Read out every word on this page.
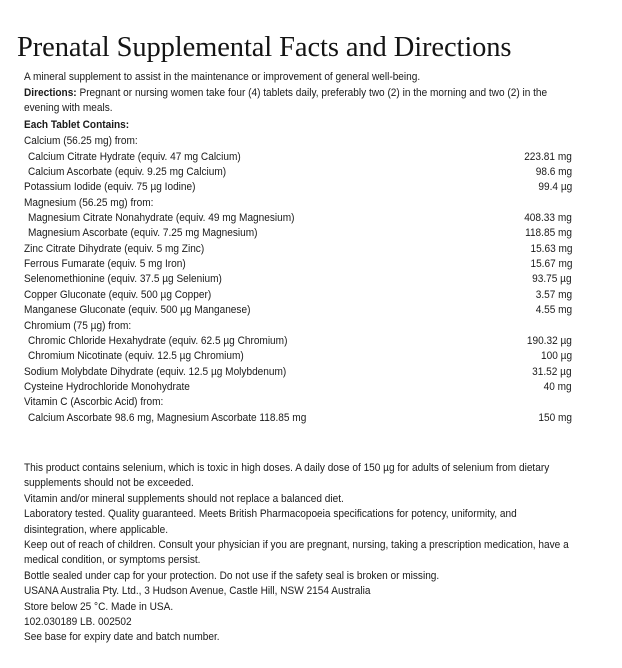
Prenatal Supplemental Facts and Directions

A mineral supplement to assist in the maintenance or improvement of general well-being.

Directions: Pregnant or nursing women take four (4) tablets daily, preferably two (2) in the morning and two (2) in the evening with meals.

Each Tablet Contains:

Calcium (56.25 mg) from:	
Calcium Citrate Hydrate (equiv. 47 mg Calcium)	223.81 mg
Calcium Ascorbate (equiv. 9.25 mg Calcium)	98.6 mg
Potassium Iodide (equiv. 75 µg Iodine)	99.4 µg
Magnesium (56.25 mg) from:	
Magnesium Citrate Nonahydrate (equiv. 49 mg Magnesium)	408.33 mg
Magnesium Ascorbate (equiv. 7.25 mg Magnesium)	118.85 mg
Zinc Citrate Dihydrate (equiv. 5 mg Zinc)	15.63 mg
Ferrous Fumarate (equiv. 5 mg Iron)	15.67 mg
Selenomethionine (equiv. 37.5 µg Selenium)	93.75 µg
Copper Gluconate (equiv. 500 µg Copper)	3.57 mg
Manganese Gluconate (equiv. 500 µg Manganese)	4.55 mg
Chromium (75 µg) from:	
Chromic Chloride Hexahydrate (equiv. 62.5 µg Chromium)	190.32 µg
Chromium Nicotinate (equiv. 12.5 µg Chromium)	100 µg
Sodium Molybdate Dihydrate (equiv. 12.5 µg Molybdenum)	31.52 µg
Cysteine Hydrochloride Monohydrate	40 mg
Vitamin C (Ascorbic Acid) from:	
Calcium Ascorbate 98.6 mg, Magnesium Ascorbate 118.85 mg	150 mg

This product contains selenium, which is toxic in high doses. A daily dose of 150 µg for adults of selenium from dietary supplements should not be exceeded.

Vitamin and/or mineral supplements should not replace a balanced diet.

Laboratory tested. Quality guaranteed. Meets British Pharmacopoeia specifications for potency, uniformity, and disintegration, where applicable.

Keep out of reach of children. Consult your physician if you are pregnant, nursing, taking a prescription medication, have a medical condition, or symptoms persist.

Bottle sealed under cap for your protection. Do not use if the safety seal is broken or missing.

USANA Australia Pty. Ltd., 3 Hudson Avenue, Castle Hill, NSW 2154 Australia

Store below 25 °C. Made in USA.

102.030189 LB. 002502

See base for expiry date and batch number.
